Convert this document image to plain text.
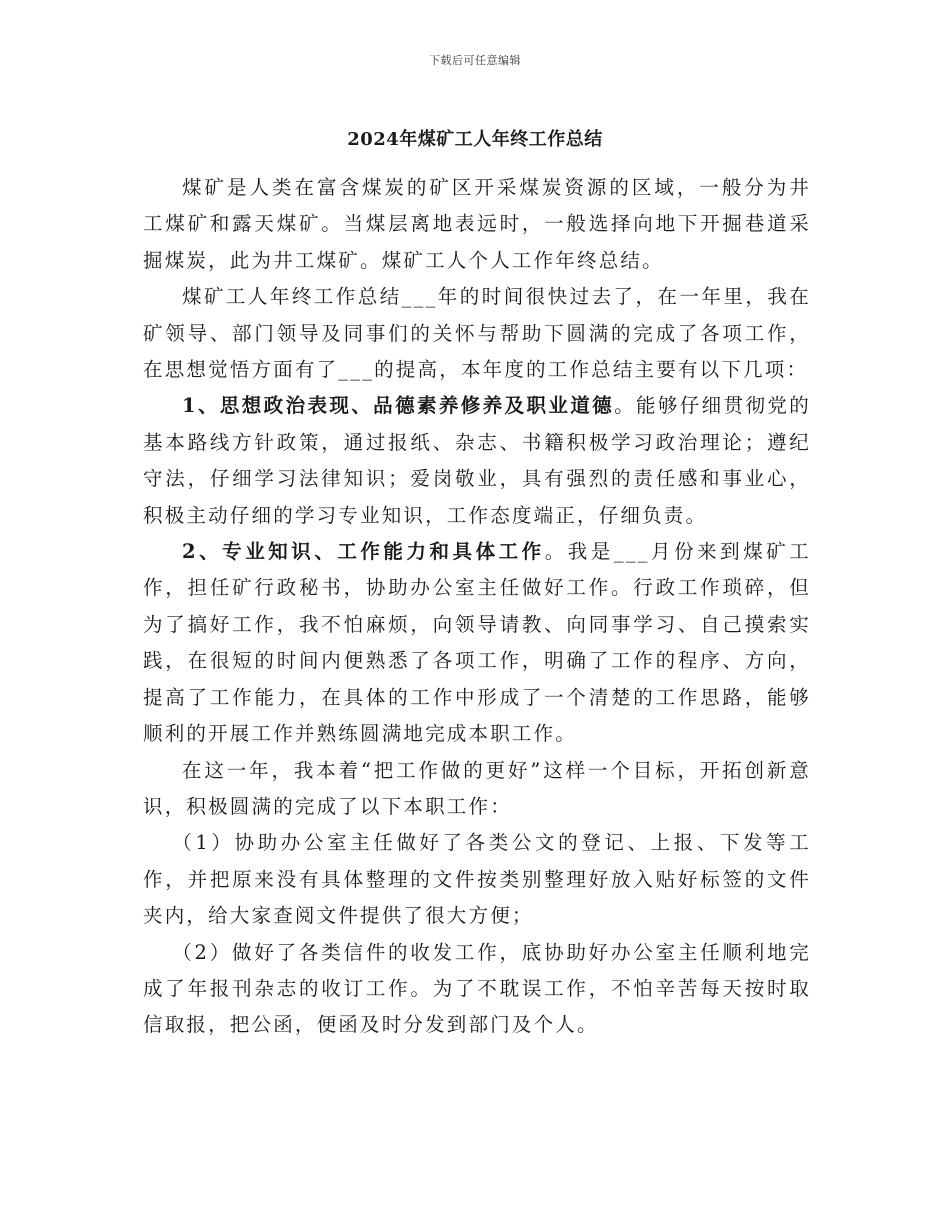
下载后可任意编辑
2024年煤矿工人年终工作总结

煤矿是人类在富含煤炭的矿区开采煤炭资源的区域，一般分为井工煤矿和露天煤矿。当煤层离地表远时，一般选择向地下开掘巷道采掘煤炭，此为井工煤矿。煤矿工人个人工作年终总结。

煤矿工人年终工作总结___年的时间很快过去了，在一年里，我在矿领导、部门领导及同事们的关怀与帮助下圆满的完成了各项工作，在思想觉悟方面有了___的提高，本年度的工作总结主要有以下几项：

1、思想政治表现、品德素养修养及职业道德。能够仔细贯彻党的基本路线方针政策，通过报纸、杂志、书籍积极学习政治理论；遵纪守法，仔细学习法律知识；爱岗敬业，具有强烈的责任感和事业心，积极主动仔细的学习专业知识，工作态度端正，仔细负责。

2、专业知识、工作能力和具体工作。我是___月份来到煤矿工作，担任矿行政秘书，协助办公室主任做好工作。行政工作琐碎，但为了搞好工作，我不怕麻烦，向领导请教、向同事学习、自己摸索实践，在很短的时间内便熟悉了各项工作，明确了工作的程序、方向，提高了工作能力，在具体的工作中形成了一个清楚的工作思路，能够顺利的开展工作并熟练圆满地完成本职工作。

在这一年，我本着“把工作做的更好”这样一个目标，开拓创新意识，积极圆满的完成了以下本职工作：

（1）协助办公室主任做好了各类公文的登记、上报、下发等工作，并把原来没有具体整理的文件按类别整理好放入贴好标签的文件夹内，给大家查阅文件提供了很大方便；

（2）做好了各类信件的收发工作，底协助好办公室主任顺利地完成了年报刊杂志的收订工作。为了不耽误工作，不怕辛苦每天按时取信取报，把公函，便函及时分发到部门及个人。
